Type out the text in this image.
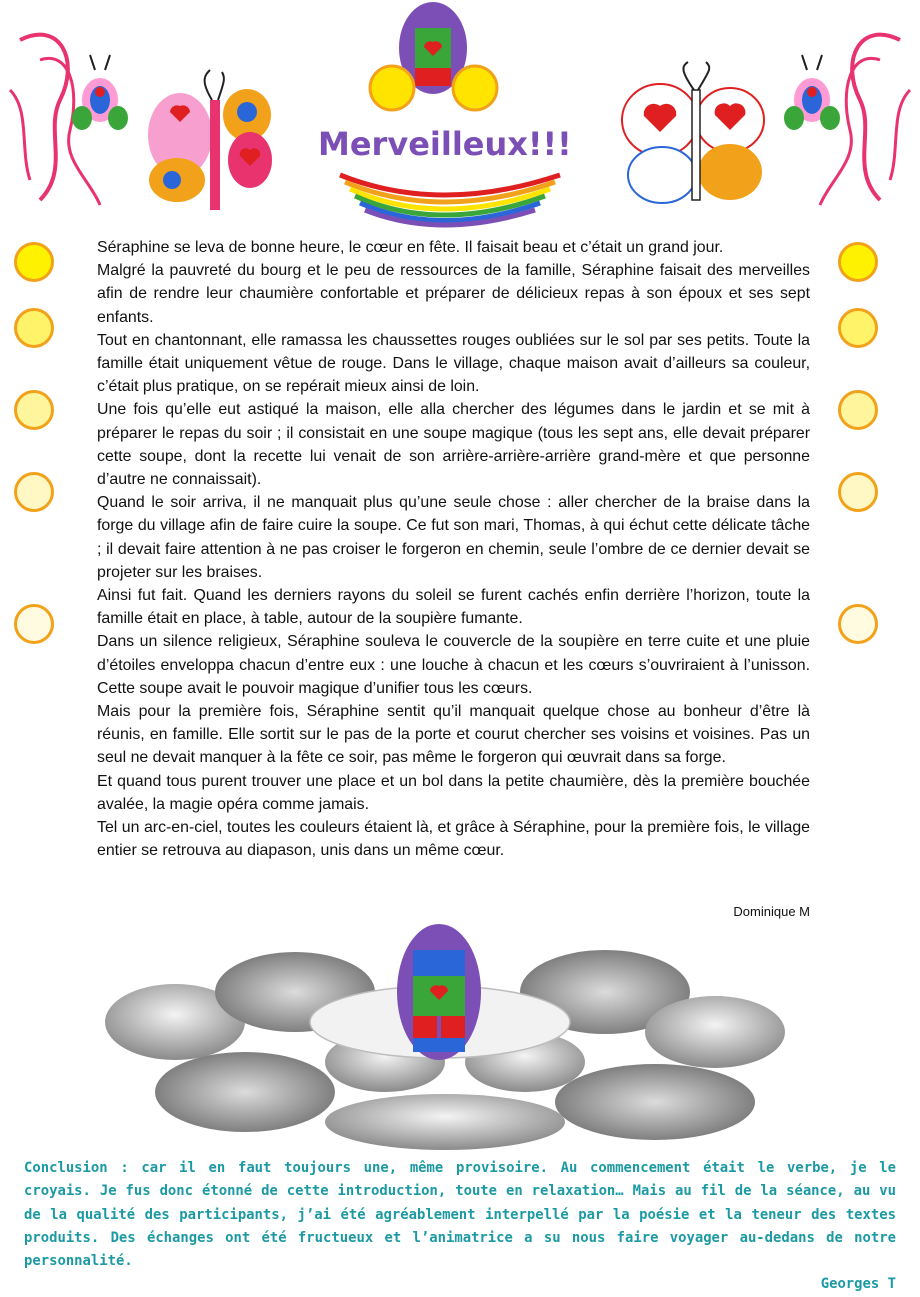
Merveilleux!!!

Séraphine se leva de bonne heure, le cœur en fête. Il faisait beau et c’était un grand jour.

Malgré la pauvreté du bourg et le peu de ressources de la famille, Séraphine faisait des merveilles afin de rendre leur chaumière confortable et préparer de délicieux repas à son époux et ses sept enfants.

Tout en chantonnant, elle ramassa les chaussettes rouges oubliées sur le sol par ses petits. Toute la famille était uniquement vêtue de rouge. Dans le village, chaque maison avait d’ailleurs sa couleur, c’était plus pratique, on se repérait mieux ainsi de loin.

Une fois qu’elle eut astiqué la maison, elle alla chercher des légumes dans le jardin et se mit à préparer le repas du soir ; il consistait en une soupe magique (tous les sept ans, elle devait préparer cette soupe, dont la recette lui venait de son arrière-arrière-arrière grand-mère et que personne d’autre ne connaissait).

Quand le soir arriva, il ne manquait plus qu’une seule chose : aller chercher de la braise dans la forge du village afin de faire cuire la soupe. Ce fut son mari, Thomas, à qui échut cette délicate tâche ; il devait faire attention à ne pas croiser le forgeron en chemin, seule l’ombre de ce dernier devait se projeter sur les braises.

Ainsi fut fait. Quand les derniers rayons du soleil se furent cachés enfin derrière l’horizon, toute la famille était en place, à table, autour de la soupière fumante.

Dans un silence religieux, Séraphine souleva le couvercle de la soupière en terre cuite et une pluie d’étoiles enveloppa chacun d’entre eux : une louche à chacun et les cœurs s’ouvriraient à l’unisson. Cette soupe avait le pouvoir magique d’unifier tous les cœurs.

Mais pour la première fois, Séraphine sentit qu’il manquait quelque chose au bonheur d’être là réunis, en famille. Elle sortit sur le pas de la porte et courut chercher ses voisins et voisines. Pas un seul ne devait manquer à la fête ce soir, pas même le forgeron qui œuvrait dans sa forge.

Et quand tous purent trouver une place et un bol dans la petite chaumière, dès la première bouchée avalée, la magie opéra comme jamais.

Tel un arc-en-ciel, toutes les couleurs étaient là, et grâce à Séraphine, pour la première fois, le village entier se retrouva au diapason, unis dans un même cœur.

Dominique M
Conclusion : car il en faut toujours une, même provisoire. Au commencement était le verbe, je le croyais. Je fus donc étonné de cette introduction, toute en relaxation… Mais au fil de la séance, au vu de la qualité des participants, j’ai été agréablement interpellé par la poésie et la teneur des textes produits. Des échanges ont été fructueux et l’animatrice a su nous faire voyager au-dedans de notre personnalité.
Georges T
